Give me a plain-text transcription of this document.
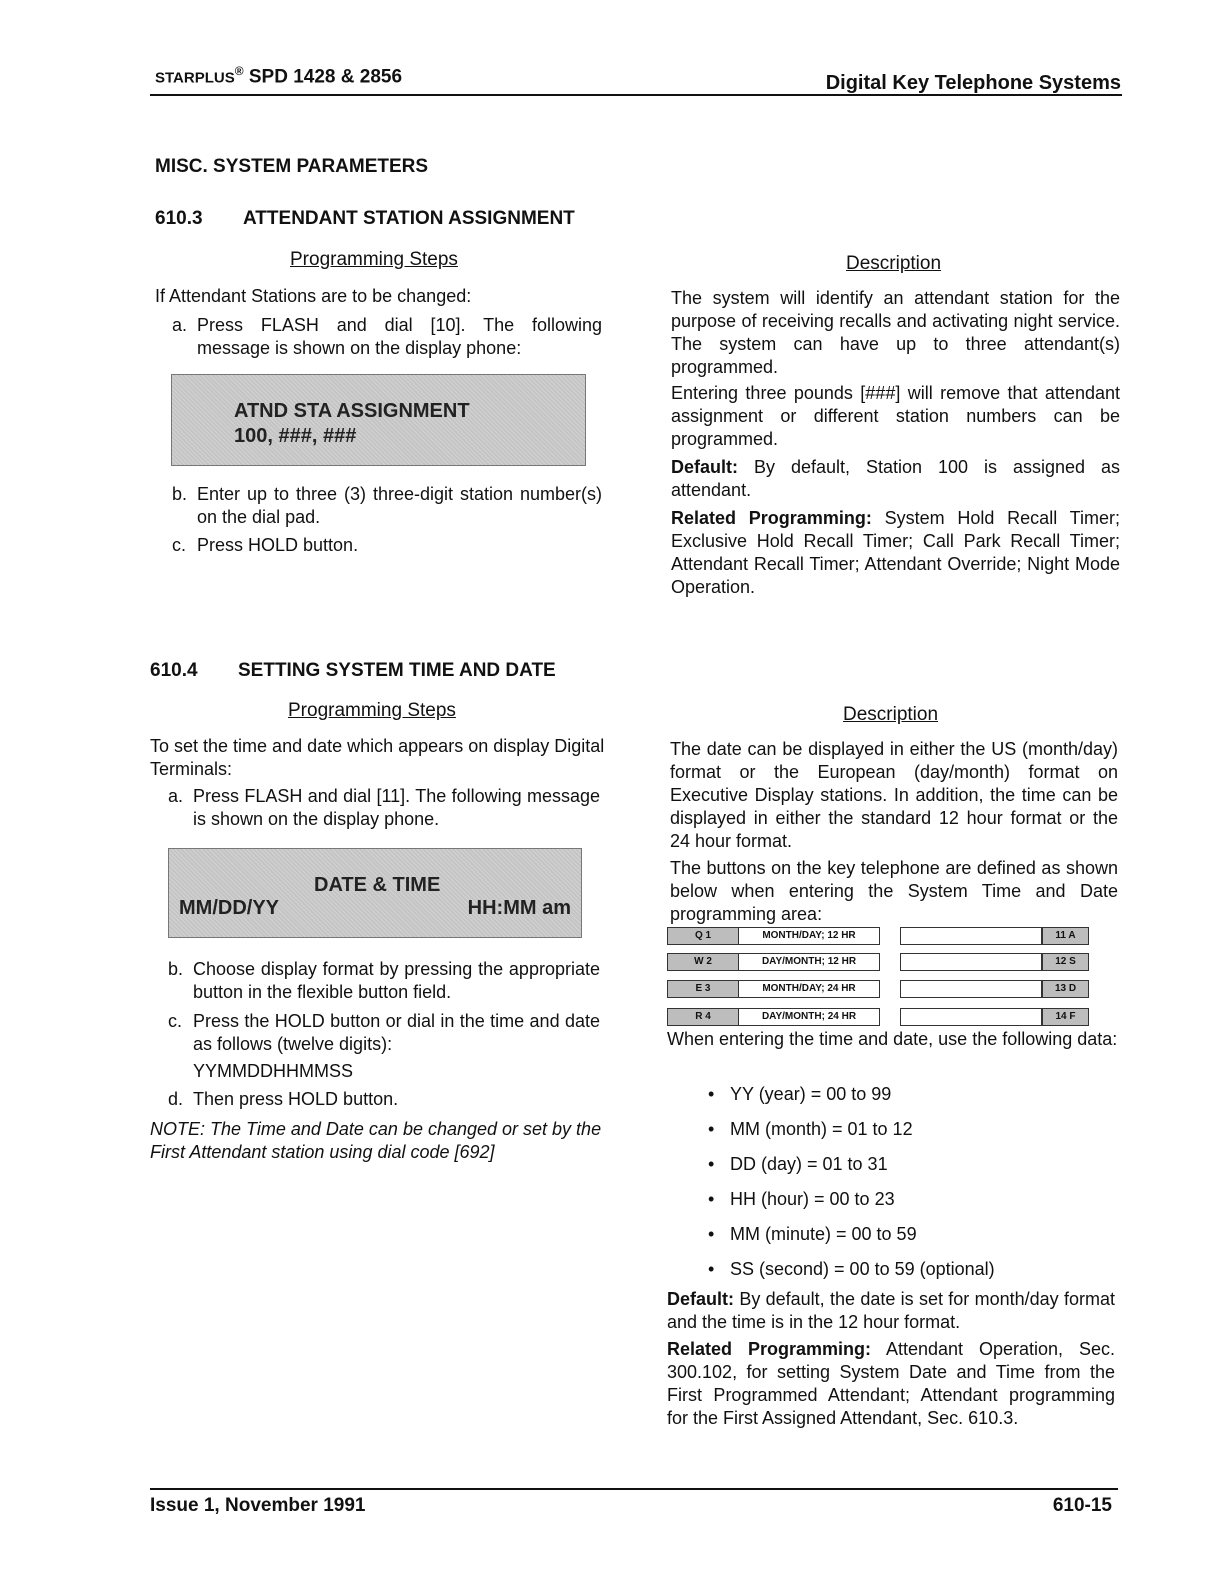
STARPLUS® SPD 1428 & 2856	Digital Key Telephone Systems
MISC. SYSTEM PARAMETERS
610.3 ATTENDANT STATION ASSIGNMENT
Programming Steps	Description
If Attendant Stations are to be changed:
a. Press FLASH and dial [10]. The following message is shown on the display phone:
ATND STA ASSIGNMENT
100, ###, ###
b. Enter up to three (3) three-digit station number(s) on the dial pad.
c. Press HOLD button.
The system will identify an attendant station for the purpose of receiving recalls and activating night service. The system can have up to three attendant(s) programmed.
Entering three pounds [###] will remove that attendant assignment or different station numbers can be programmed.
Default: By default, Station 100 is assigned as attendant.
Related Programming: System Hold Recall Timer; Exclusive Hold Recall Timer; Call Park Recall Timer; Attendant Recall Timer; Attendant Override; Night Mode Operation.
610.4 SETTING SYSTEM TIME AND DATE
Programming Steps	Description
To set the time and date which appears on display Digital Terminals:
a. Press FLASH and dial [11]. The following message is shown on the display phone.
DATE & TIME
MM/DD/YY	HH:MM am
b. Choose display format by pressing the appropriate button in the flexible button field.
c. Press the HOLD button or dial in the time and date as follows (twelve digits):
YYMMDDHHMMSS
d. Then press HOLD button.
NOTE: The Time and Date can be changed or set by the First Attendant station using dial code [692]
The date can be displayed in either the US (month/day) format or the European (day/month) format on Executive Display stations. In addition, the time can be displayed in either the standard 12 hour format or the 24 hour format.
The buttons on the key telephone are defined as shown below when entering the System Time and Date programming area:
Q 1	MONTH/DAY; 12 HR	11 A
W 2	DAY/MONTH; 12 HR	12 S
E 3	MONTH/DAY; 24 HR	13 D
R 4	DAY/MONTH; 24 HR	14 F
When entering the time and date, use the following data:
• YY (year) = 00 to 99
• MM (month) = 01 to 12
• DD (day) = 01 to 31
• HH (hour) = 00 to 23
• MM (minute) = 00 to 59
• SS (second) = 00 to 59 (optional)
Default: By default, the date is set for month/day format and the time is in the 12 hour format.
Related Programming: Attendant Operation, Sec. 300.102, for setting System Date and Time from the First Programmed Attendant; Attendant programming for the First Assigned Attendant, Sec. 610.3.
Issue 1, November 1991	610-15
